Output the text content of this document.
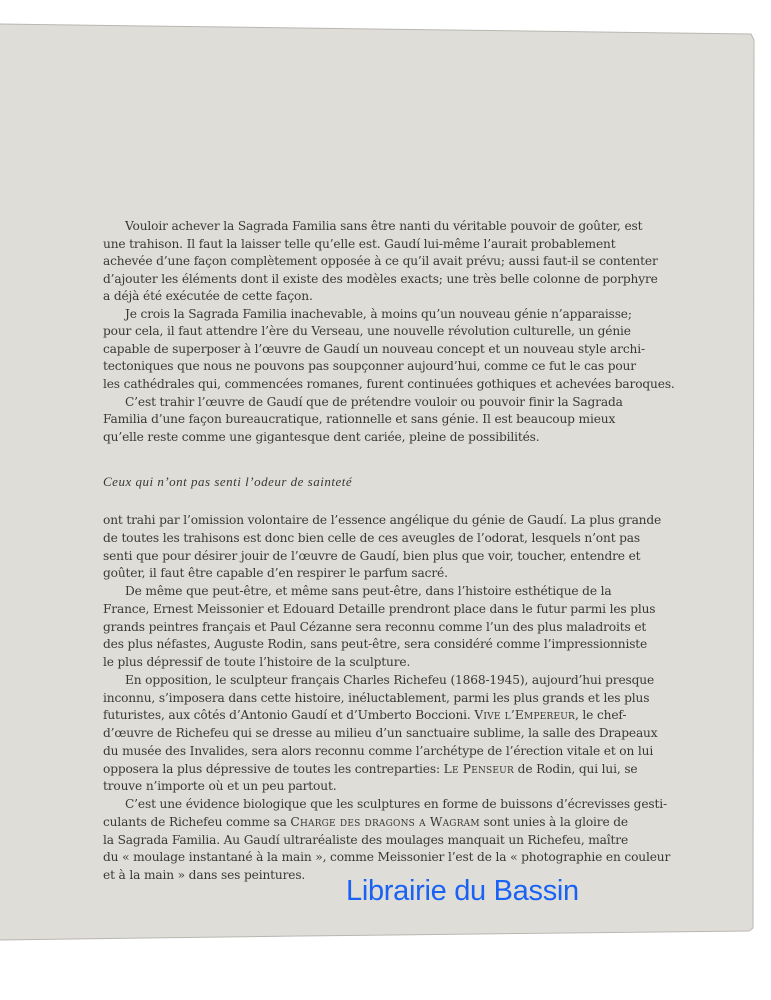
Vouloir achever la Sagrada Familia sans être nanti du véritable pouvoir de goûter, est
une trahison. Il faut la laisser telle qu’elle est. Gaudí lui-même l’aurait probablement
achevée d’une façon complètement opposée à ce qu’il avait prévu; aussi faut-il se contenter
d’ajouter les éléments dont il existe des modèles exacts; une très belle colonne de porphyre
a déjà été exécutée de cette façon.
Je crois la Sagrada Familia inachevable, à moins qu’un nouveau génie n’apparaisse;
pour cela, il faut attendre l’ère du Verseau, une nouvelle révolution culturelle, un génie
capable de superposer à l’œuvre de Gaudí un nouveau concept et un nouveau style archi-
tectoniques que nous ne pouvons pas soupçonner aujourd’hui, comme ce fut le cas pour
les cathédrales qui, commencées romanes, furent continuées gothiques et achevées baroques.
C’est trahir l’œuvre de Gaudí que de prétendre vouloir ou pouvoir finir la Sagrada
Familia d’une façon bureaucratique, rationnelle et sans génie. Il est beaucoup mieux
qu’elle reste comme une gigantesque dent cariée, pleine de possibilités.
Ceux qui n’ont pas senti l’odeur de sainteté
ont trahi par l’omission volontaire de l’essence angélique du génie de Gaudí. La plus grande
de toutes les trahisons est donc bien celle de ces aveugles de l’odorat, lesquels n’ont pas
senti que pour désirer jouir de l’œuvre de Gaudí, bien plus que voir, toucher, entendre et
goûter, il faut être capable d’en respirer le parfum sacré.
De même que peut-être, et même sans peut-être, dans l’histoire esthétique de la
France, Ernest Meissonier et Edouard Detaille prendront place dans le futur parmi les plus
grands peintres français et Paul Cézanne sera reconnu comme l’un des plus maladroits et
des plus néfastes, Auguste Rodin, sans peut-être, sera considéré comme l’impressionniste
le plus dépressif de toute l’histoire de la sculpture.
En opposition, le sculpteur français Charles Richefeu (1868-1945), aujourd’hui presque
inconnu, s’imposera dans cette histoire, inéluctablement, parmi les plus grands et les plus
futuristes, aux côtés d’Antonio Gaudí et d’Umberto Boccioni. Vive l’Empereur, le chef-
d’œuvre de Richefeu qui se dresse au milieu d’un sanctuaire sublime, la salle des Drapeaux
du musée des Invalides, sera alors reconnu comme l’archétype de l’érection vitale et on lui
opposera la plus dépressive de toutes les contreparties: Le Penseur de Rodin, qui lui, se
trouve n’importe où et un peu partout.
C’est une évidence biologique que les sculptures en forme de buissons d’écrevisses gesti-
culants de Richefeu comme sa Charge des dragons a Wagram sont unies à la gloire de
la Sagrada Familia. Au Gaudí ultraréaliste des moulages manquait un Richefeu, maître
du « moulage instantané à la main », comme Meissonier l’est de la « photographie en couleur
et à la main » dans ses peintures.	Librairie du Bassin
